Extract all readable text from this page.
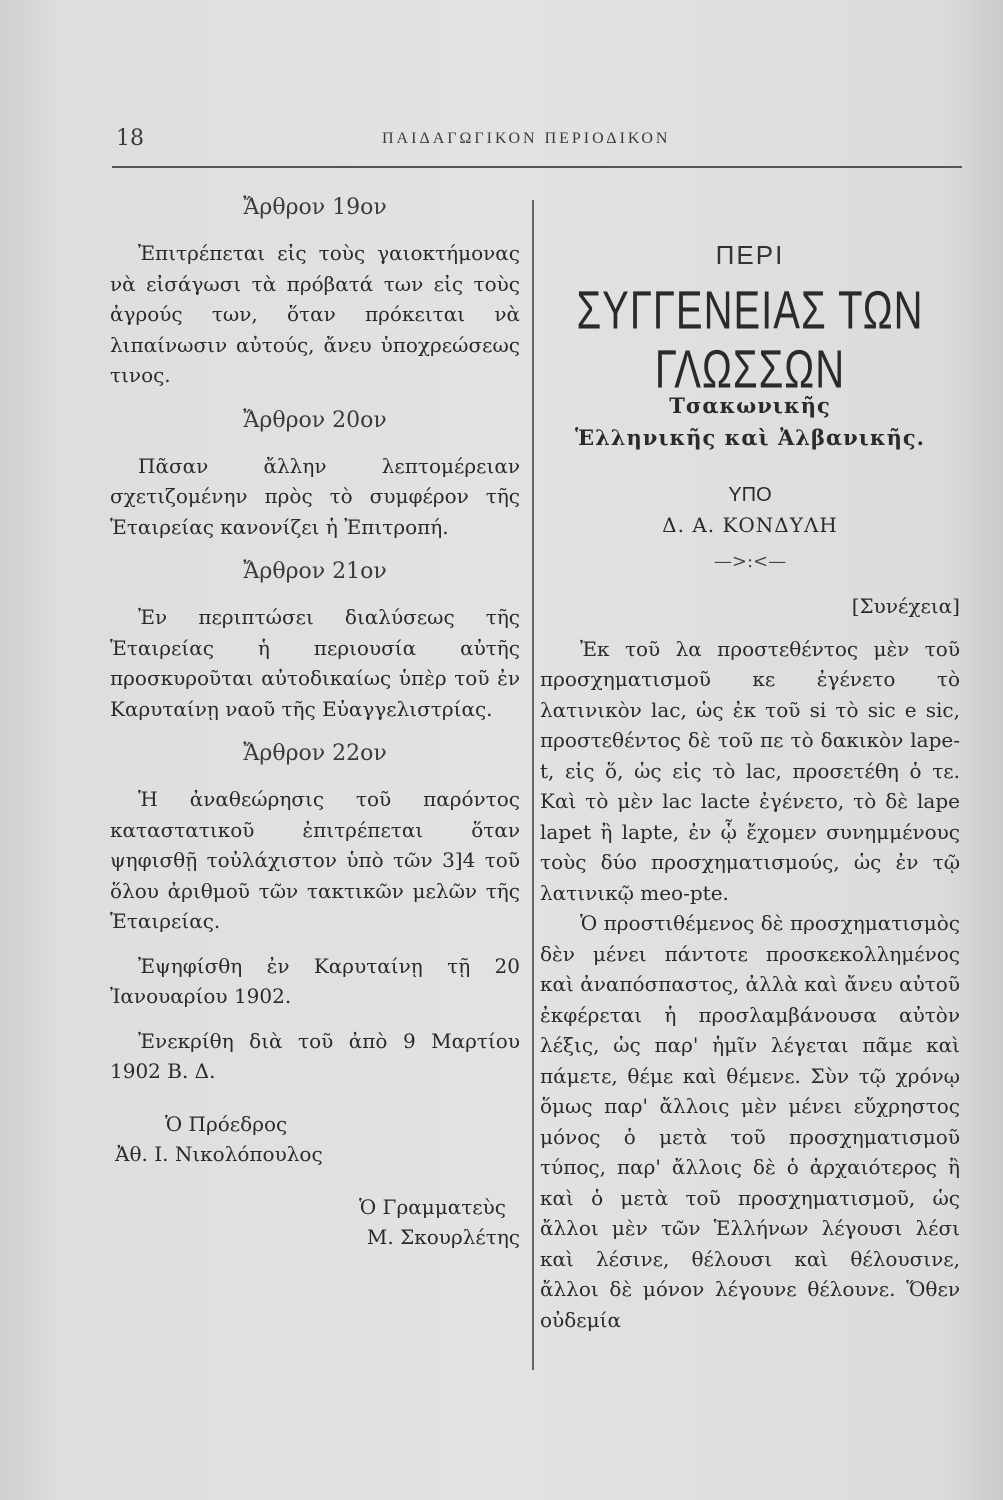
18	ΠΑΙΔΑΓΩΓΙΚΟΝ ΠΕΡΙΟΔΙΚΟΝ

Ἄρθρον 19ον

Ἐπιτρέπεται εἰς τοὺς γαιοκτήμονας νὰ εἰσάγωσι τὰ πρόβατά των εἰς τοὺς ἀγρούς των, ὅταν πρόκειται νὰ λιπαίνωσιν αὐτούς, ἄνευ ὑποχρεώσεως τινος.

Ἄρθρον 20ον

Πᾶσαν ἄλλην λεπτομέρειαν σχετιζομένην πρὸς τὸ συμφέρον τῆς Ἑταιρείας κανονίζει ἡ Ἐπιτροπή.

Ἄρθρον 21ον

Ἐν περιπτώσει διαλύσεως τῆς Ἑταιρείας ἡ περιουσία αὐτῆς προσκυροῦται αὐτοδικαίως ὑπὲρ τοῦ ἐν Καρυταίνῃ ναοῦ τῆς Εὐαγγελιστρίας.

Ἄρθρον 22ον

Ἡ ἀναθεώρησις τοῦ παρόντος καταστατικοῦ ἐπιτρέπεται ὅταν ψηφισθῇ τοὐλάχιστον ὑπὸ τῶν 3]4 τοῦ ὅλου ἀριθμοῦ τῶν τακτικῶν μελῶν τῆς Ἑταιρείας.

Ἐψηφίσθη ἐν Καρυταίνῃ τῇ 20 Ἰανουαρίου 1902.

Ἐνεκρίθη διὰ τοῦ ἀπὸ 9 Μαρτίου 1902 Β. Δ.

Ὁ Πρόεδρος

Ἀθ. Ι. Νικολόπουλος

Ὁ Γραμματεὺς

Μ. Σκουρλέτης

ΠΕΡΙ

ΣΥΓΓΕΝΕΙΑΣ ΤΩΝ ΓΛΩΣΣΩΝ

Τσακωνικῆς

Ἑλληνικῆς καὶ Ἀλβανικῆς.

ΥΠΟ

Δ. Α. ΚΟΝΔΥΛΗ

—>:<—

[Συνέχεια]

Ἐκ τοῦ λα προστεθέντος μὲν τοῦ προσχηματισμοῦ κε ἐγένετο τὸ λατινικὸν lac, ὡς ἐκ τοῦ si τὸ sic e sic, προστεθέντος δὲ τοῦ πε τὸ δακικὸν lape-t, εἰς ὅ, ὡς εἰς τὸ lac, προσετέθη ὁ τε. Καὶ τὸ μὲν lac lacte ἐγένετο, τὸ δὲ lape lapet ἢ lapte, ἐν ᾧ ἔχομεν συνημμένους τοὺς δύο προσχηματισμούς, ὡς ἐν τῷ λατινικῷ meo-pte.

Ὁ προστιθέμενος δὲ προσχηματισμὸς δὲν μένει πάντοτε προσκεκολλημένος καὶ ἀναπόσπαστος, ἀλλὰ καὶ ἄνευ αὐτοῦ ἐκφέρεται ἡ προσλαμβάνουσα αὐτὸν λέξις, ὡς παρ' ἡμῖν λέγεται πᾶμε καὶ πάμετε, θέμε καὶ θέμενε. Σὺν τῷ χρόνῳ ὅμως παρ' ἄλλοις μὲν μένει εὔχρηστος μόνος ὁ μετὰ τοῦ προσχηματισμοῦ τύπος, παρ' ἄλλοις δὲ ὁ ἀρχαιότερος ἢ καὶ ὁ μετὰ τοῦ προσχηματισμοῦ, ὡς ἄλλοι μὲν τῶν Ἑλλήνων λέγουσι λέσι καὶ λέσινε, θέλουσι καὶ θέλουσινε, ἄλλοι δὲ μόνον λέγουνε θέλουνε. Ὅθεν οὐδεμία
